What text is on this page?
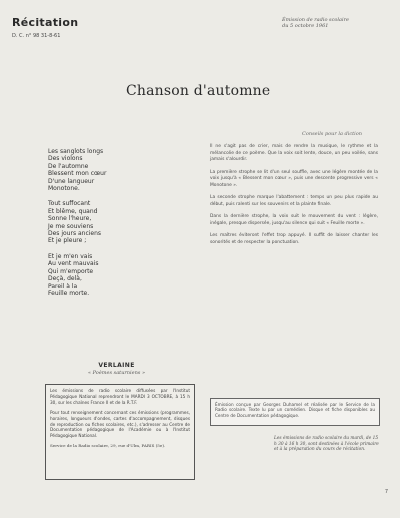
Récitation
D. C. n° 98 31-8-61
Émission de radio scolaire
du 5 octobre 1961
Chanson d'automne
Conseils pour la diction
Les sanglots longs
Des violons
De l'automne
Blessent mon cœur
D'une langueur
Monotone.
Tout suffocant
Et blême, quand
Sonne l'heure,
Je me souviens
Des jours anciens
Et je pleure ;
Et je m'en vais
Au vent mauvais
Qui m'emporte
Deçà, delà,
Pareil à la
Feuille morte.
VERLAINE
« Poèmes saturniens »

Il ne s'agit pas de crier, mais de rendre la musique, le rythme et la mélancolie de ce poème. Que la voix soit lente, douce, un peu voilée, sans jamais s'alourdir.

La première strophe se lit d'un seul souffle, avec une légère montée de la voix jusqu'à « Blessent mon cœur », puis une descente progressive vers « Monotone ».

La seconde strophe marque l'abattement : temps un peu plus rapide au début, puis ralenti sur les souvenirs et la plainte finale.

Dans la dernière strophe, la voix suit le mouvement du vent : légère, inégale, presque dispersée, jusqu'au silence qui suit « Feuille morte ».

Les maîtres éviteront l'effet trop appuyé. Il suffit de laisser chanter les sonorités et de respecter la ponctuation.

Les émissions de radio scolaire diffusées par l'Institut Pédagogique National reprendront le MARDI 3 OCTOBRE, à 15 h 30, sur les chaînes France II et de la R.T.F.

Pour tout renseignement concernant ces émissions (programmes, horaires, longueurs d'ondes, cartes d'accompagnement, disques de reproduction ou fiches scolaires, etc.), s'adresser au Centre de Documentation pédagogique de l'Académie ou à l'Institut Pédagogique National.

Service de la Radio scolaire, 29, rue d'Ulm, PARIS (5e).

Émission conçue par Georges Duhamel et réalisée par le Service de la Radio scolaire. Texte lu par un comédien. Disque et fiche disponibles au Centre de Documentation pédagogique.

Les émissions de radio scolaire du mardi, de 15 h 30 à 16 h 30, sont destinées à l'école primaire et à la préparation du cours de récitation.
7
